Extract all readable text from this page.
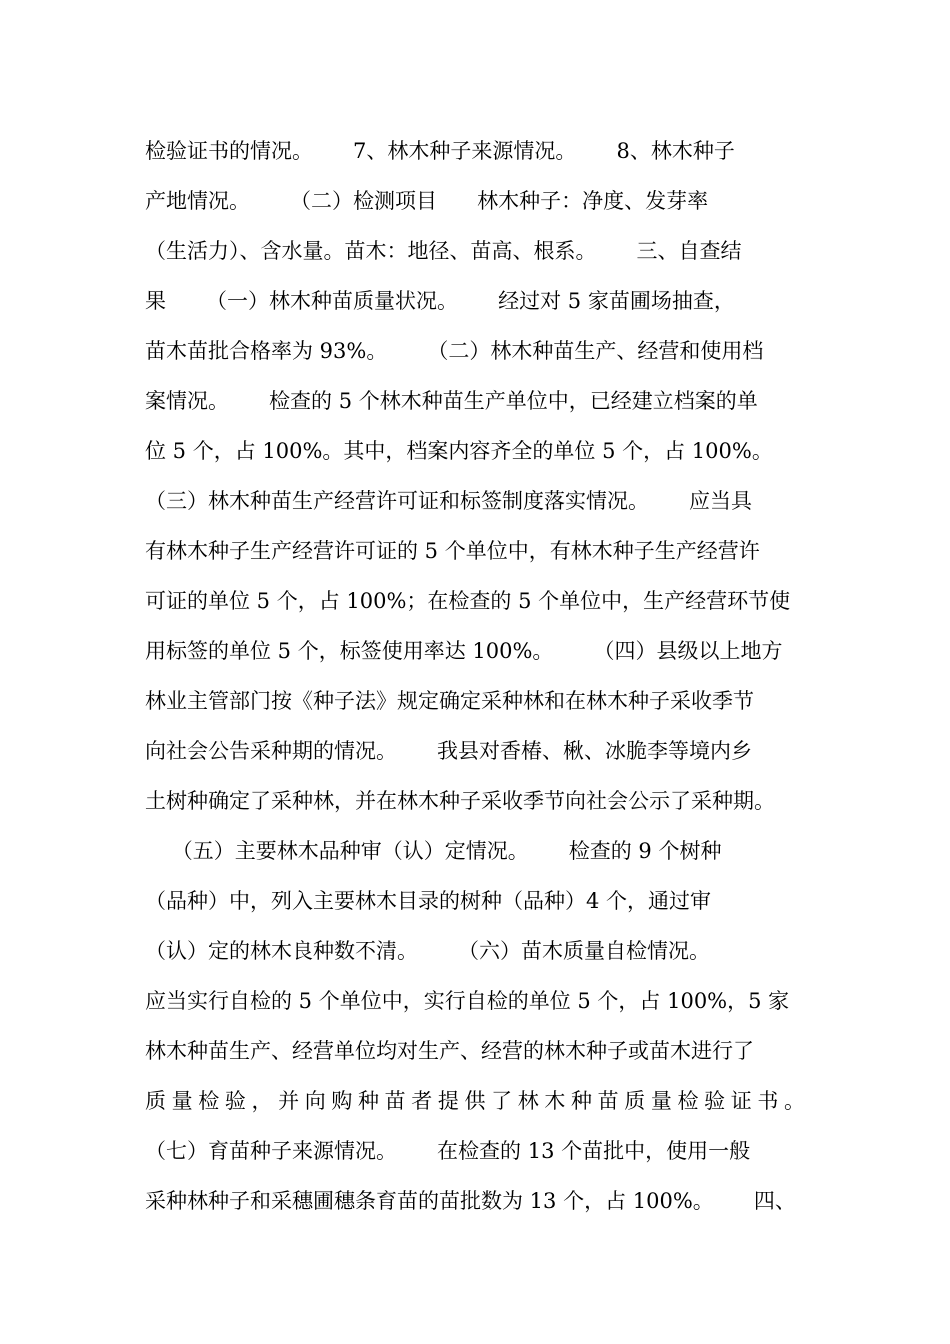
检验证书的情况。      7、林木种子来源情况。      8、林木种子
产地情况。      （二）检测项目      林木种子：净度、发芽率
（生活力）、含水量。苗木：地径、苗高、根系。      三、自查结
果      （一）林木种苗质量状况。      经过对 5 家苗圃场抽查，
苗木苗批合格率为 93%。      （二）林木种苗生产、经营和使用档
案情况。      检查的 5 个林木种苗生产单位中，已经建立档案的单
位 5 个，占 100%。其中，档案内容齐全的单位 5 个，占 100%。
（三）林木种苗生产经营许可证和标签制度落实情况。      应当具
有林木种子生产经营许可证的 5 个单位中，有林木种子生产经营许
可证的单位 5 个，占 100%；在检查的 5 个单位中，生产经营环节使
用标签的单位 5 个，标签使用率达 100%。      （四）县级以上地方
林业主管部门按《种子法》规定确定采种林和在林木种子采收季节
向社会公告采种期的情况。      我县对香椿、楸、冰脆李等境内乡
土树种确定了采种林，并在林木种子采收季节向社会公示了采种期。
（五）主要林木品种审（认）定情况。      检查的 9 个树种
（品种）中，列入主要林木目录的树种（品种）4 个，通过审
（认）定的林木良种数不清。      （六）苗木质量自检情况。
应当实行自检的 5 个单位中，实行自检的单位 5 个，占 100%，5 家
林木种苗生产、经营单位均对生产、经营的林木种子或苗木进行了
质量检验，并向购种苗者提供了林木种苗质量检验证书。
（七）育苗种子来源情况。      在检查的 13 个苗批中，使用一般
采种林种子和采穗圃穗条育苗的苗批数为 13 个，占 100%。      四、
